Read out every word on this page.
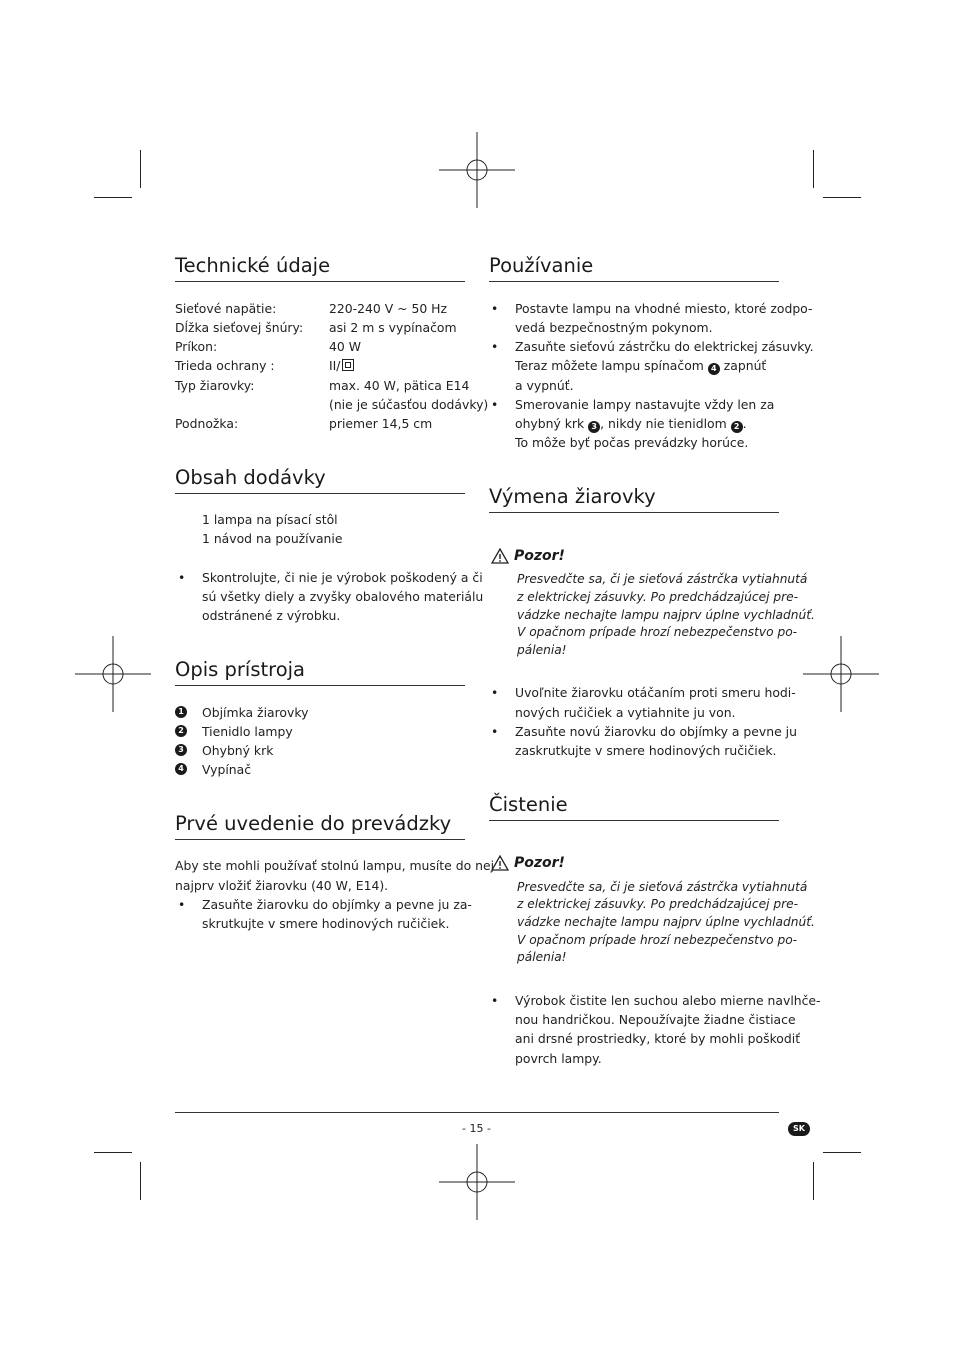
Technické údaje
Sieťové napätie:	220-240 V ~ 50 Hz
Dĺžka sieťovej šnúry: asi 2 m s vypínačom
Príkon:	40 W
Trieda ochrany :	II/
Typ žiarovky:	max. 40 W, pätica E14
(nie je súčasťou dodávky)
Podnožka:	priemer 14,5 cm
Obsah dodávky
1 lampa na písací stôl
1 návod na používanie
• Skontrolujte, či nie je výrobok poškodený a či
sú všetky diely a zvyšky obalového materiálu
odstránené z výrobku.
Opis prístroja
1 Objímka žiarovky
2 Tienidlo lampy
3 Ohybný krk
4 Vypínač
Prvé uvedenie do prevádzky
Aby ste mohli používať stolnú lampu, musíte do nej
najprv vložiť žiarovku (40 W, E14).
• Zasuňte žiarovku do objímky a pevne ju za-
skrutkujte v smere hodinových ručičiek.
Používanie
• Postavte lampu na vhodné miesto, ktoré zodpo-
vedá bezpečnostným pokynom.
• Zasuňte sieťovú zástrčku do elektrickej zásuvky.
Teraz môžete lampu spínačom 4 zapnúť
a vypnúť.
• Smerovanie lampy nastavujte vždy len za
ohybný krk 3 , nikdy nie tienidlom 2 .
To môže byť počas prevádzky horúce.
Výmena žiarovky
Pozor!
Presvedčte sa, či je sieťová zástrčka vytiahnutá
z elektrickej zásuvky. Po predchádzajúcej pre-
vádzke nechajte lampu najprv úplne vychladnúť.
V opačnom prípade hrozí nebezpečenstvo po-
pálenia!
• Uvoľnite žiarovku otáčaním proti smeru hodi-
nových ručičiek a vytiahnite ju von.
• Zasuňte novú žiarovku do objímky a pevne ju
zaskrutkujte v smere hodinových ručičiek.
Čistenie
Pozor!
Presvedčte sa, či je sieťová zástrčka vytiahnutá
z elektrickej zásuvky. Po predchádzajúcej pre-
vádzke nechajte lampu najprv úplne vychladnúť.
V opačnom prípade hrozí nebezpečenstvo po-
pálenia!
• Výrobok čistite len suchou alebo mierne navlhče-
nou handričkou. Nepoužívajte žiadne čistiace
ani drsné prostriedky, ktoré by mohli poškodiť
povrch lampy.
- 15 -	SK
